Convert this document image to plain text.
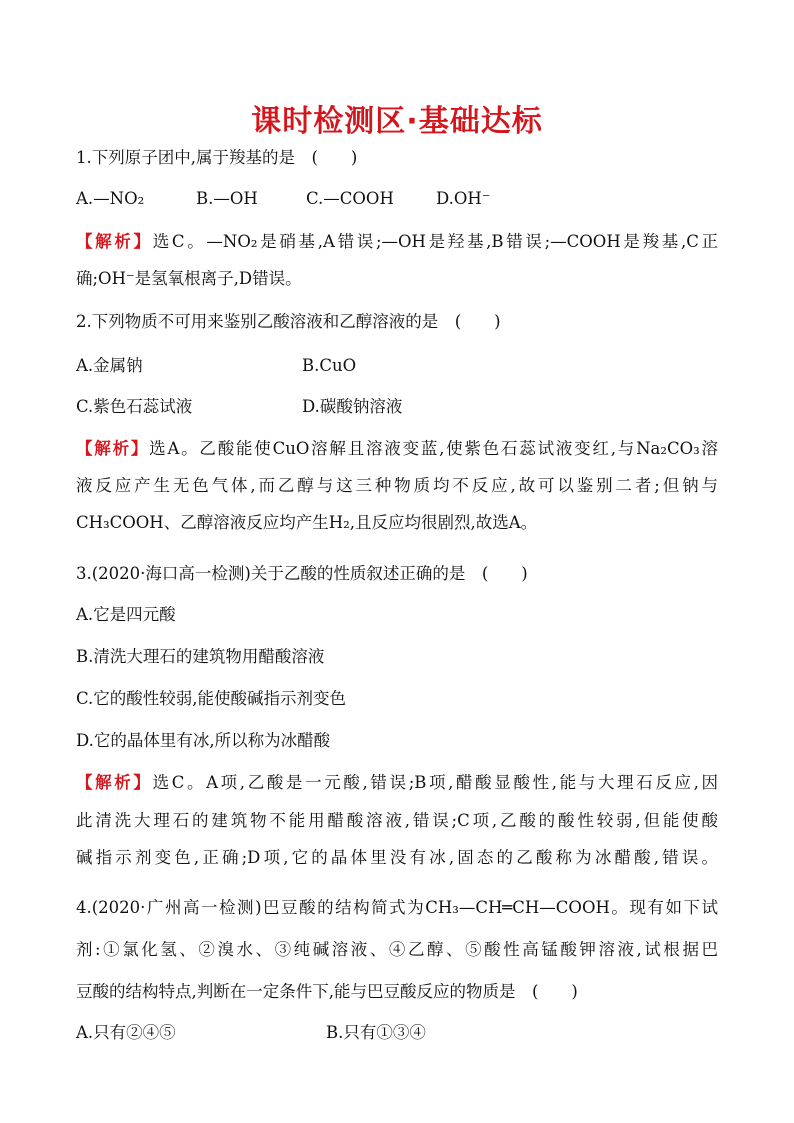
课时检测区·基础达标
1.下列原子团中,属于羧基的是　(　　)
A.—NO₂	B.—OH	C.—COOH	D.OH⁻
【解析】选C。—NO₂是硝基,A错误;—OH是羟基,B错误;—COOH是羧基,C正
确;OH⁻是氢氧根离子,D错误。
2.下列物质不可用来鉴别乙酸溶液和乙醇溶液的是　(　　)
A.金属钠	B.CuO
C.紫色石蕊试液	D.碳酸钠溶液
【解析】选A。乙酸能使CuO溶解且溶液变蓝,使紫色石蕊试液变红,与Na₂CO₃溶
液反应产生无色气体,而乙醇与这三种物质均不反应,故可以鉴别二者;但钠与
CH₃COOH、乙醇溶液反应均产生H₂,且反应均很剧烈,故选A。
3.(2020·海口高一检测)关于乙酸的性质叙述正确的是　(　　)
A.它是四元酸
B.清洗大理石的建筑物用醋酸溶液
C.它的酸性较弱,能使酸碱指示剂变色
D.它的晶体里有冰,所以称为冰醋酸
【解析】选C。A项,乙酸是一元酸,错误;B项,醋酸显酸性,能与大理石反应,因
此清洗大理石的建筑物不能用醋酸溶液,错误;C项,乙酸的酸性较弱,但能使酸
碱指示剂变色,正确;D项,它的晶体里没有冰,固态的乙酸称为冰醋酸,错误。
4.(2020·广州高一检测)巴豆酸的结构简式为CH₃—CH═CH—COOH。现有如下试
剂:①氯化氢、②溴水、③纯碱溶液、④乙醇、⑤酸性高锰酸钾溶液,试根据巴
豆酸的结构特点,判断在一定条件下,能与巴豆酸反应的物质是　(　　)
A.只有②④⑤	B.只有①③④
